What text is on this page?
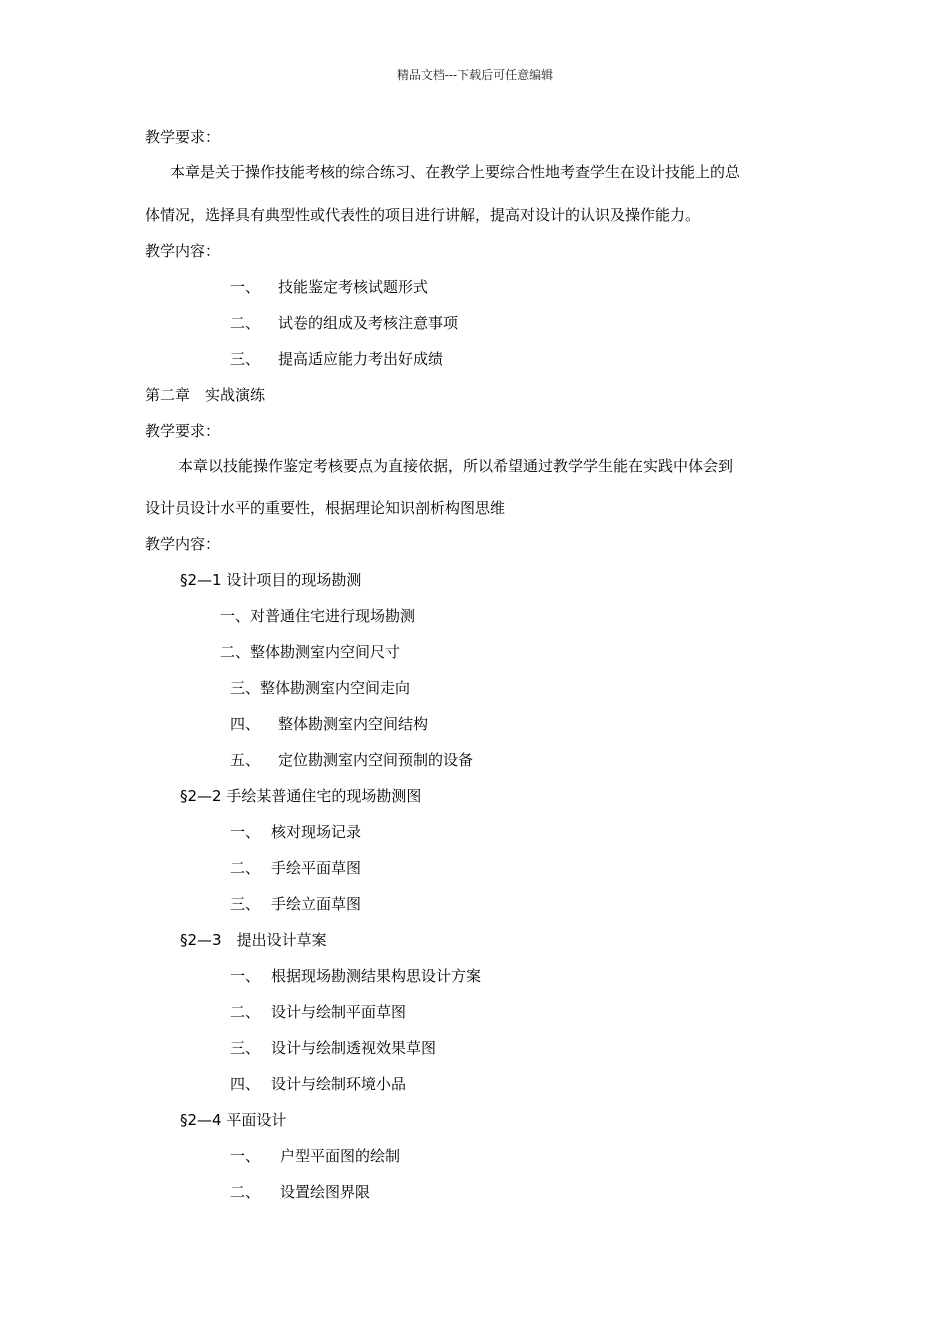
精品文档---下载后可任意编辑
教学要求：
本章是关于操作技能考核的综合练习、在教学上要综合性地考查学生在设计技能上的总
体情况，选择具有典型性或代表性的项目进行讲解，提高对设计的认识及操作能力。
教学内容：
一、 技能鉴定考核试题形式
二、 试卷的组成及考核注意事项
三、 提高适应能力考出好成绩
第二章　实战演练
教学要求：
本章以技能操作鉴定考核要点为直接依据，所以希望通过教学学生能在实践中体会到
设计员设计水平的重要性，根据理论知识剖析构图思维
教学内容：
§2—1 设计项目的现场勘测
一、对普通住宅进行现场勘测
二、整体勘测室内空间尺寸
三、整体勘测室内空间走向
四、 整体勘测室内空间结构
五、 定位勘测室内空间预制的设备
§2—2 手绘某普通住宅的现场勘测图
一、 核对现场记录
二、 手绘平面草图
三、 手绘立面草图
§2—3　提出设计草案
一、 根据现场勘测结果构思设计方案
二、 设计与绘制平面草图
三、 设计与绘制透视效果草图
四、 设计与绘制环境小品
§2—4 平面设计
一、 户型平面图的绘制
二、 设置绘图界限
